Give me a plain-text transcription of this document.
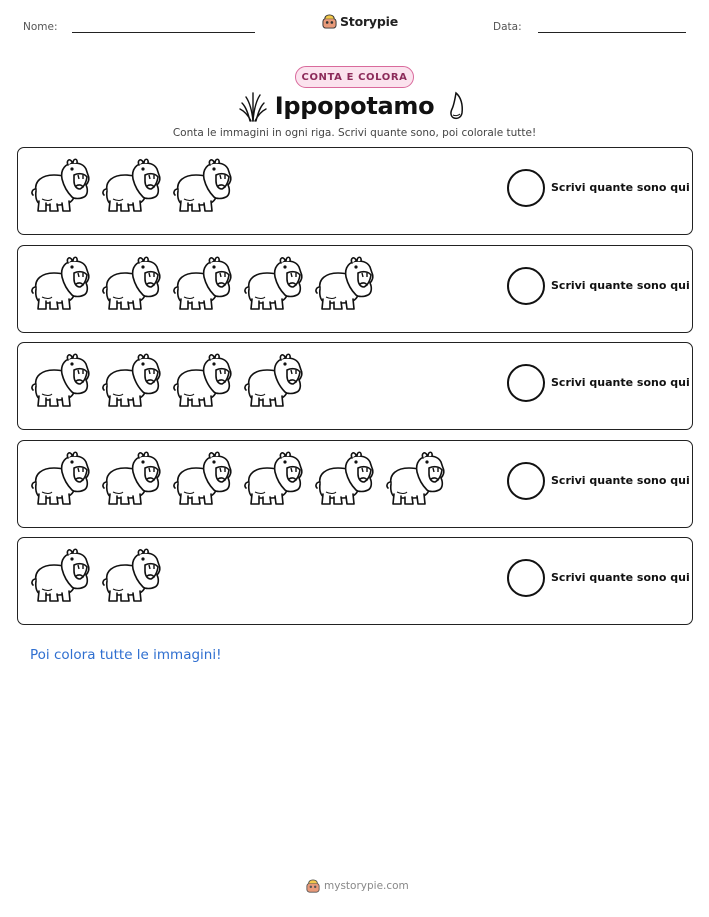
Nome:	Storypie	Data:
CONTA E COLORA
Ippopotamo
Conta le immagini in ogni riga. Scrivi quante sono, poi colorale tutte!
Scrivi quante sono qui
Scrivi quante sono qui
Scrivi quante sono qui
Scrivi quante sono qui
Scrivi quante sono qui
Poi colora tutte le immagini!
mystorypie.com
